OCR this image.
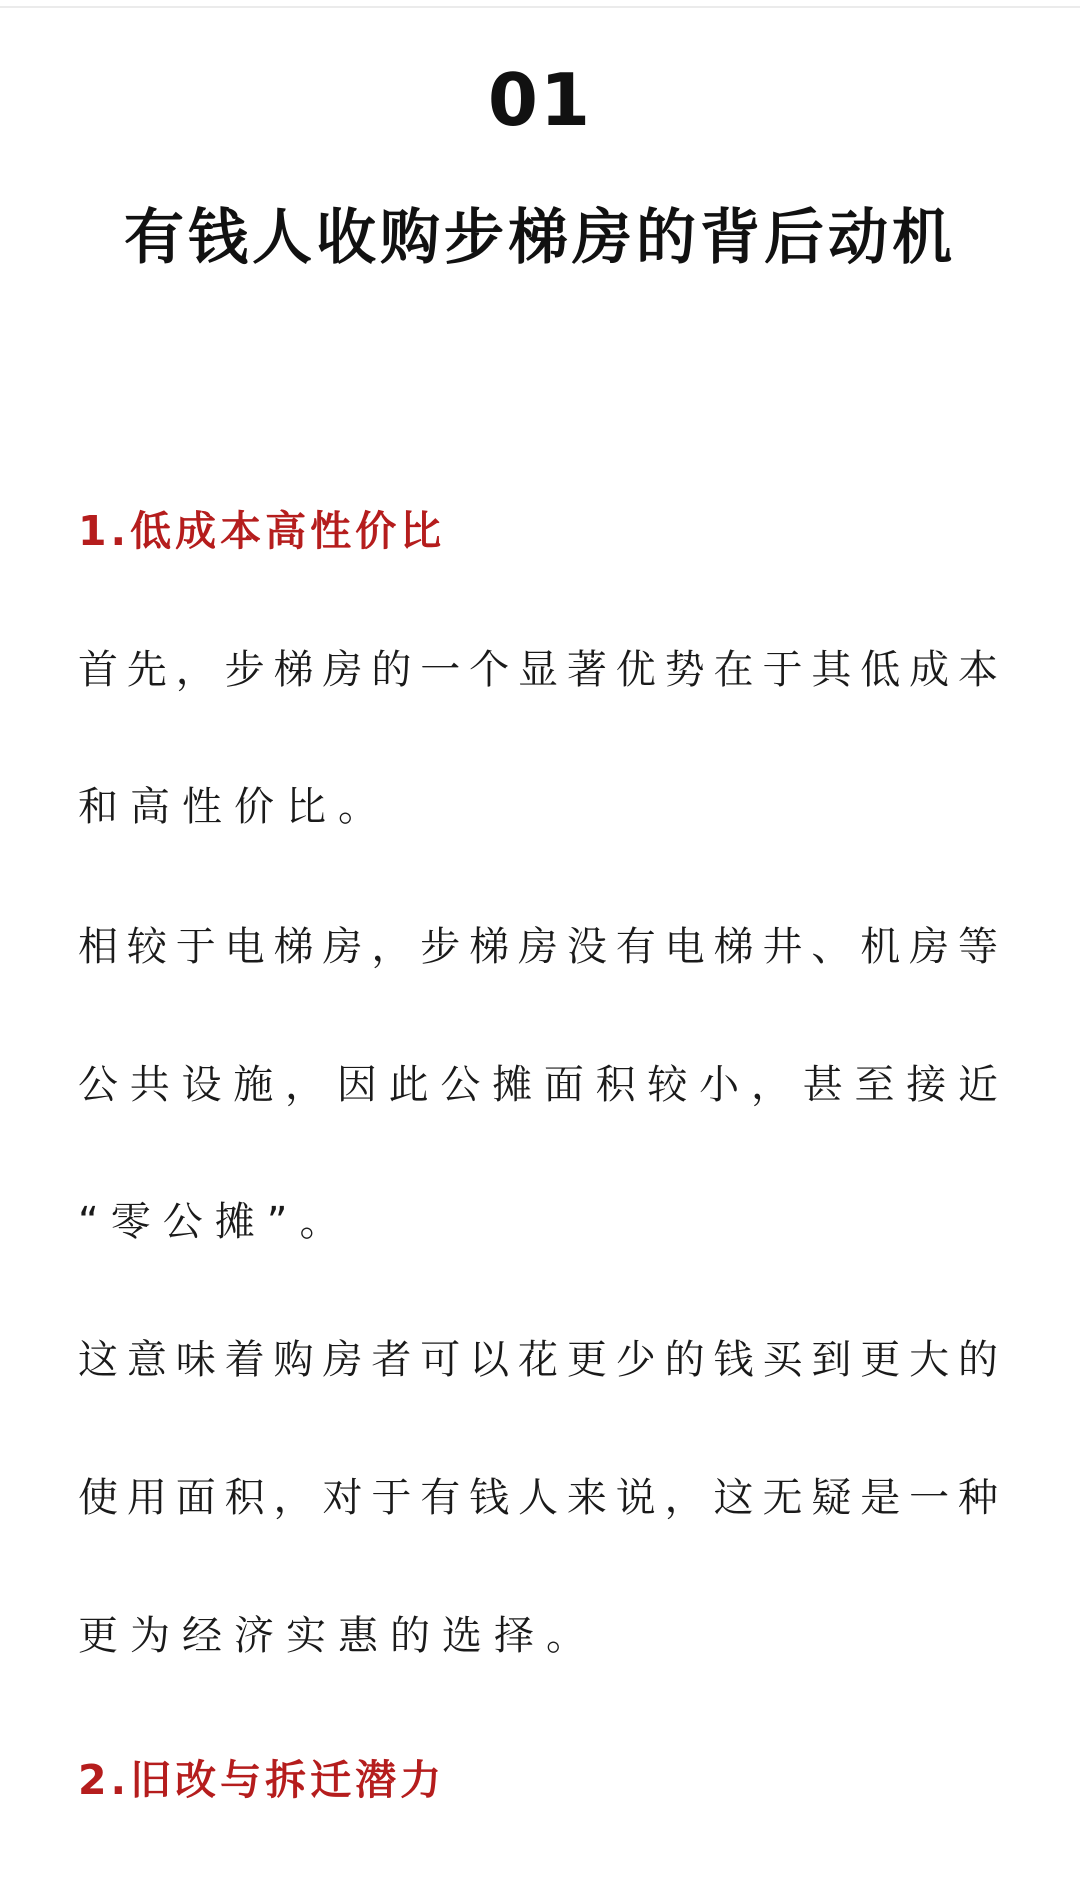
01
有钱人收购步梯房的背后动机
1.低成本高性价比
首先，步梯房的一个显著优势在于其低成本
和高性价比。
相较于电梯房，步梯房没有电梯井、机房等
公共设施，因此公摊面积较小，甚至接近
“零公摊”。
这意味着购房者可以花更少的钱买到更大的
使用面积，对于有钱人来说，这无疑是一种
更为经济实惠的选择。
2.旧改与拆迁潜力
